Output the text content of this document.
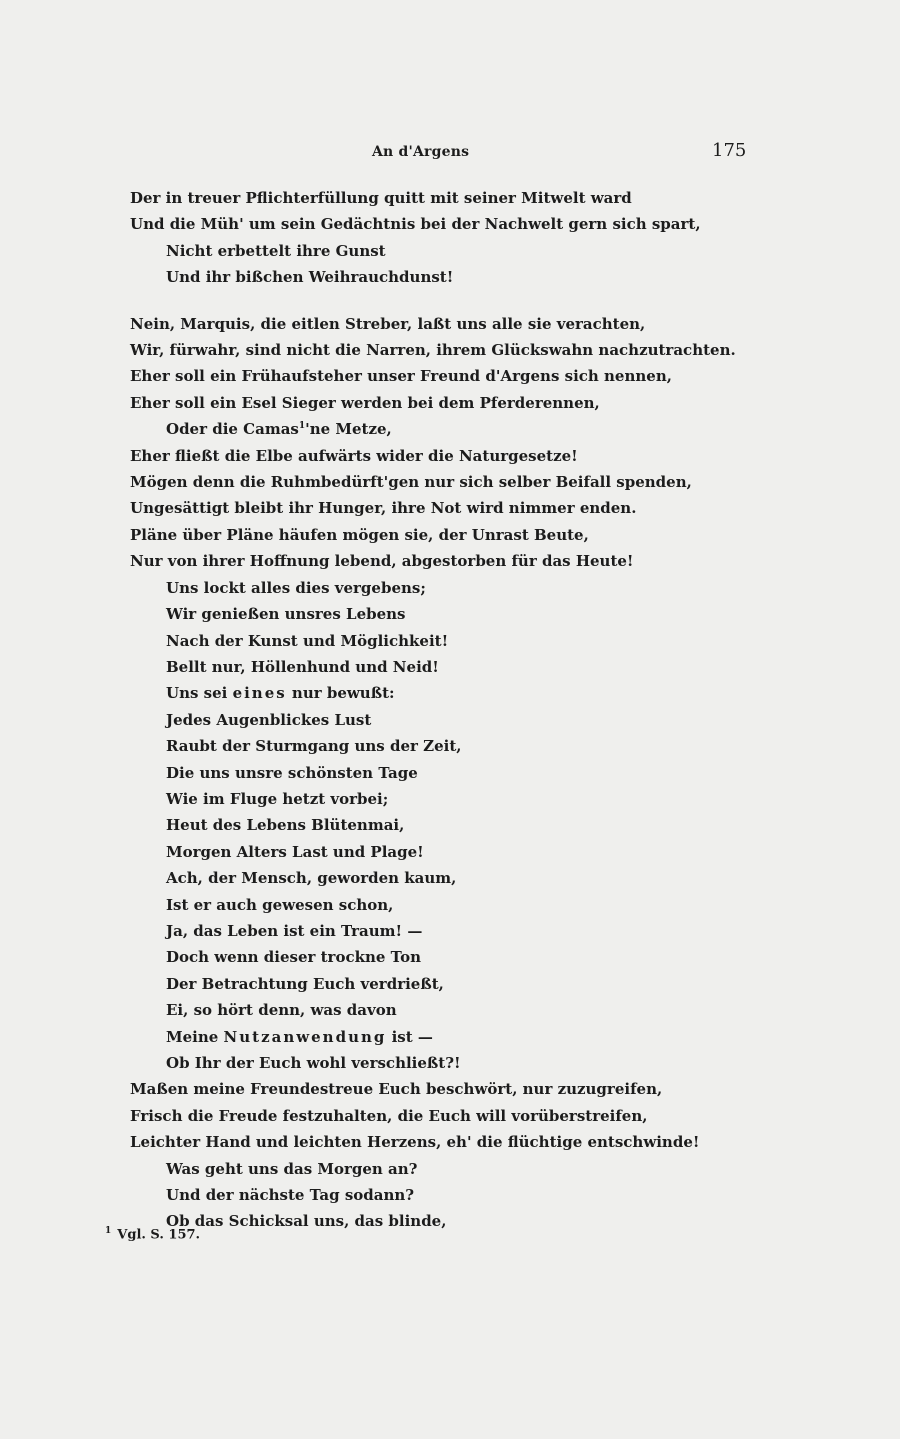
An d'Argens	175
Der in treuer Pflichterfüllung quitt mit seiner Mitwelt ward
Und die Müh' um sein Gedächtnis bei der Nachwelt gern sich spart,
Nicht erbettelt ihre Gunst
Und ihr bißchen Weihrauchdunst!
Nein, Marquis, die eitlen Streber, laßt uns alle sie verachten,
Wir, fürwahr, sind nicht die Narren, ihrem Glückswahn nachzutrachten.
Eher soll ein Frühaufsteher unser Freund d'Argens sich nennen,
Eher soll ein Esel Sieger werden bei dem Pferderennen,
Oder die Camas$^1$'ne Metze,
Eher fließt die Elbe aufwärts wider die Naturgesetze!
Mögen denn die Ruhmbedürft'gen nur sich selber Beifall spenden,
Ungesättigt bleibt ihr Hunger, ihre Not wird nimmer enden.
Pläne über Pläne häufen mögen sie, der Unrast Beute,
Nur von ihrer Hoffnung lebend, abgestorben für das Heute!
Uns lockt alles dies vergebens;
Wir genießen unsres Lebens
Nach der Kunst und Möglichkeit!
Bellt nur, Höllenhund und Neid!
Uns sei eines nur bewußt:
Jedes Augenblickes Lust
Raubt der Sturmgang uns der Zeit,
Die uns unsre schönsten Tage
Wie im Fluge hetzt vorbei;
Heut des Lebens Blütenmai,
Morgen Alters Last und Plage!
Ach, der Mensch, geworden kaum,
Ist er auch gewesen schon,
Ja, das Leben ist ein Traum! —
Doch wenn dieser trockne Ton
Der Betrachtung Euch verdrießt,
Ei, so hört denn, was davon
Meine Nutzanwendung ist —
Ob Ihr der Euch wohl verschließt?!
Maßen meine Freundestreue Euch beschwört, nur zuzugreifen,
Frisch die Freude festzuhalten, die Euch will vorüberstreifen,
Leichter Hand und leichten Herzens, eh' die flüchtige entschwinde!
Was geht uns das Morgen an?
Und der nächste Tag sodann?
Ob das Schicksal uns, das blinde,
$^1$ Vgl. S. 157.
